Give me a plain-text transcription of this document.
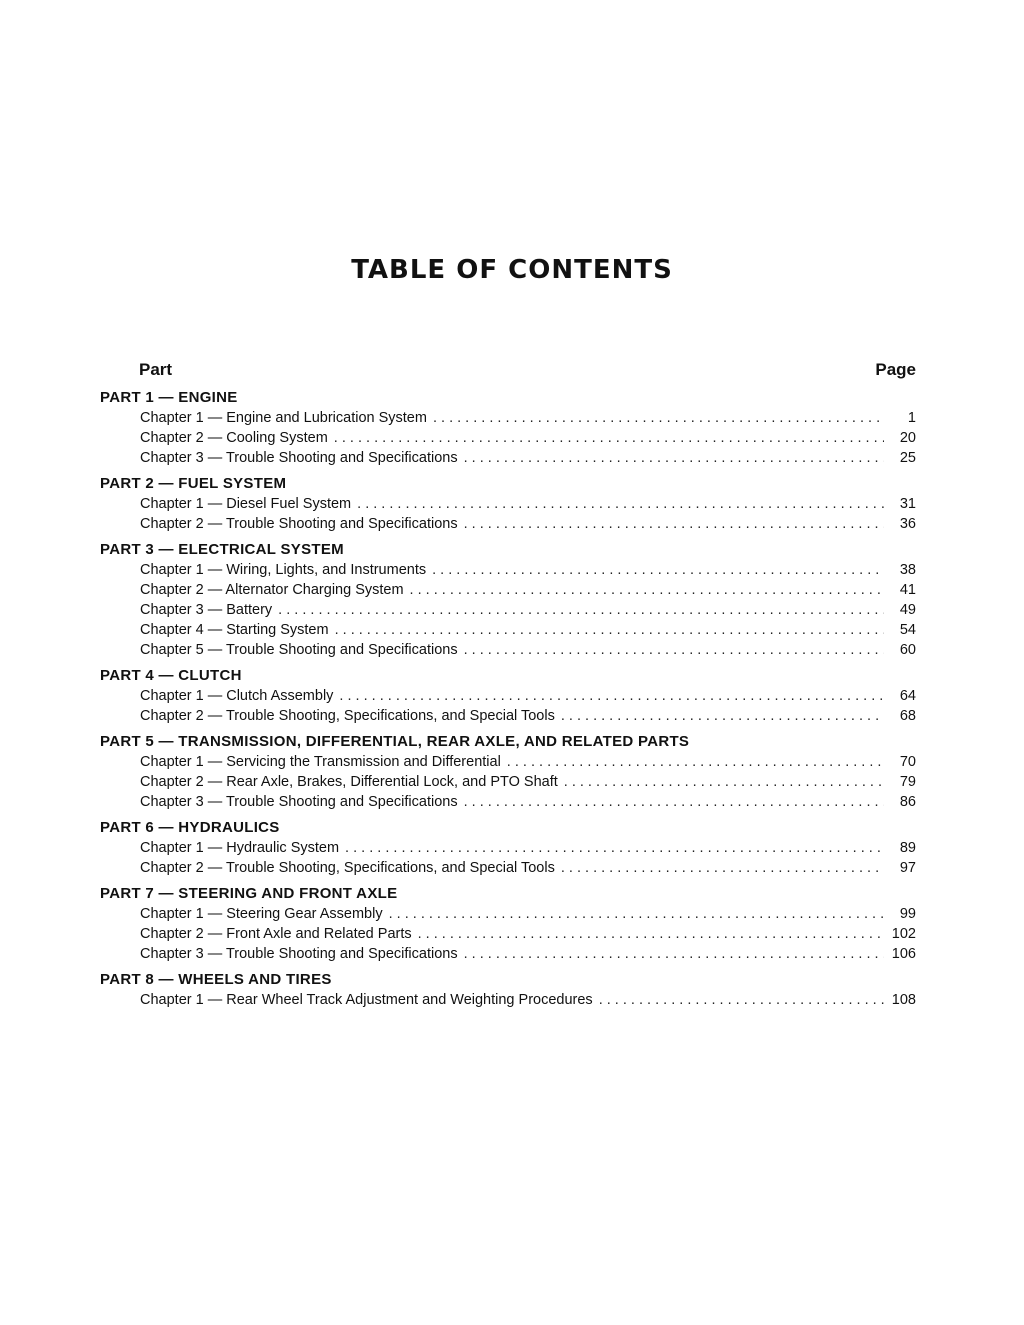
TABLE OF CONTENTS
Part	Page
PART 1 — ENGINE
Chapter 1 — Engine and Lubrication System . . .	1
Chapter 2 — Cooling System . . .	20
Chapter 3 — Trouble Shooting and Specifications . . .	25
PART 2 — FUEL SYSTEM
Chapter 1 — Diesel Fuel System . . .	31
Chapter 2 — Trouble Shooting and Specifications . . .	36
PART 3 — ELECTRICAL SYSTEM
Chapter 1 — Wiring, Lights, and Instruments . . .	38
Chapter 2 — Alternator Charging System . . .	41
Chapter 3 — Battery . . .	49
Chapter 4 — Starting System . . .	54
Chapter 5 — Trouble Shooting and Specifications . . .	60
PART 4 — CLUTCH
Chapter 1 — Clutch Assembly . . .	64
Chapter 2 — Trouble Shooting, Specifications, and Special Tools . . .	68
PART 5 — TRANSMISSION, DIFFERENTIAL, REAR AXLE, AND RELATED PARTS
Chapter 1 — Servicing the Transmission and Differential . . .	70
Chapter 2 — Rear Axle, Brakes, Differential Lock, and PTO Shaft . . .	79
Chapter 3 — Trouble Shooting and Specifications . . .	86
PART 6 — HYDRAULICS
Chapter 1 — Hydraulic System . . .	89
Chapter 2 — Trouble Shooting, Specifications, and Special Tools . . .	97
PART 7 — STEERING AND FRONT AXLE
Chapter 1 — Steering Gear Assembly . . .	99
Chapter 2 — Front Axle and Related Parts . . .	102
Chapter 3 — Trouble Shooting and Specifications . . .	106
PART 8 — WHEELS AND TIRES
Chapter 1 — Rear Wheel Track Adjustment and Weighting Procedures . . .	108
